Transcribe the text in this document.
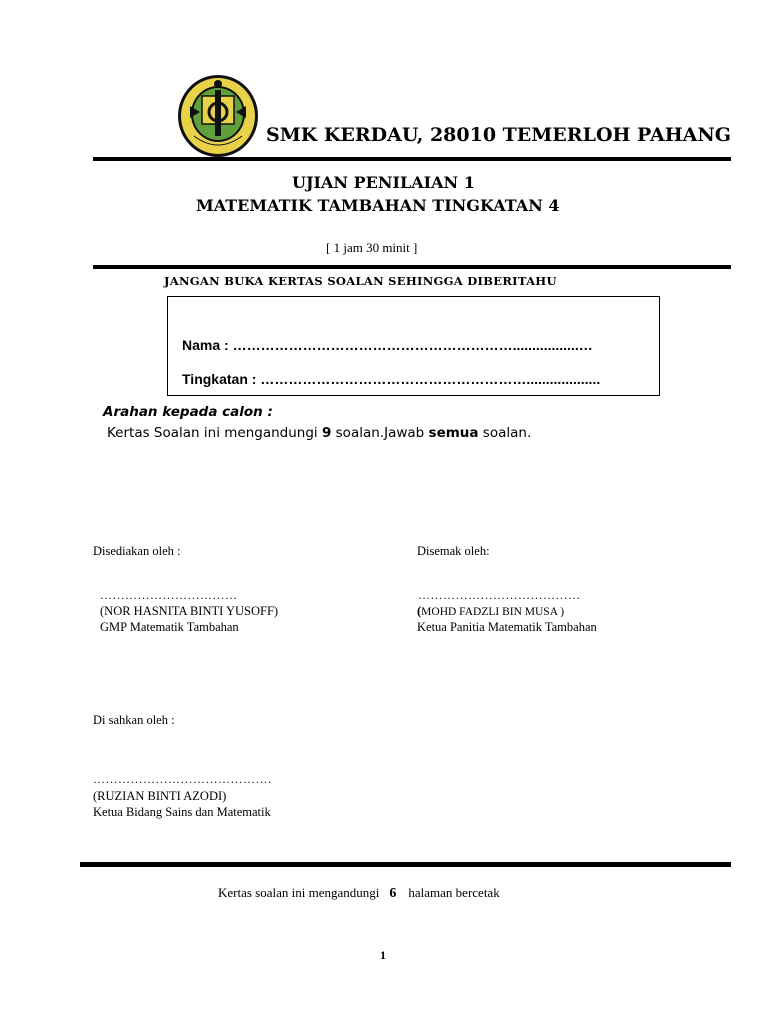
SMK KERDAU, 28010 TEMERLOH PAHANG
UJIAN PENILAIAN 1
MATEMATIK TAMBAHAN TINGKATAN 4
[ 1 jam 30 minit ]
JANGAN BUKA KERTAS SOALAN SEHINGGA DIBERITAHU
Nama : …………………………………………………….................…
Tingkatan : …………………………………………………...................
Arahan kepada calon :
Kertas Soalan ini mengandungi 9 soalan.Jawab semua soalan.
Disediakan oleh :
……………………………
(NOR HASNITA BINTI YUSOFF)
GMP Matematik Tambahan
Disemak oleh:
…………………………………
(MOHD FADZLI BIN MUSA )
Ketua Panitia Matematik Tambahan
Di sahkan oleh :
…………………………………….
(RUZIAN BINTI AZODI)
Ketua Bidang Sains dan Matematik
Kertas soalan ini mengandungi 6 halaman bercetak
1
